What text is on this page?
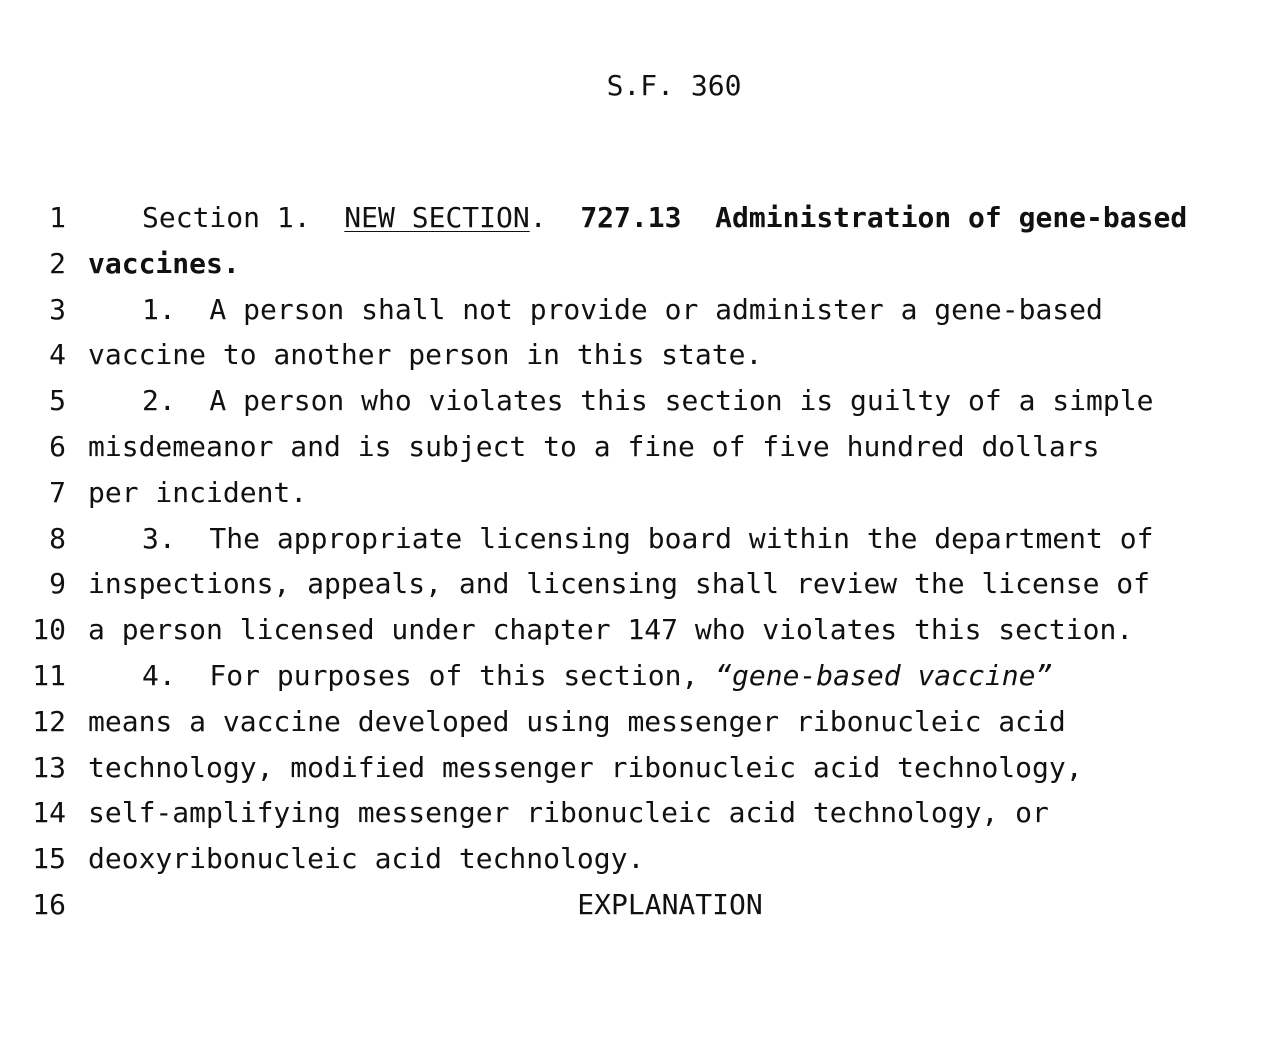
S.F. 360

1

	Section 1.  NEW SECTION.  727.13  Administration of gene-based

2

vaccines.

3

	1.  A person shall not provide or administer a gene-based

4

vaccine to another person in this state.

5

	2.  A person who violates this section is guilty of a simple

6

misdemeanor and is subject to a fine of five hundred dollars

7

per incident.

8

	3.  The appropriate licensing board within the department of

9

inspections, appeals, and licensing shall review the license of

10

a person licensed under chapter 147 who violates this section.

11

	4.  For purposes of this section, “gene-based vaccine”

12

means a vaccine developed using messenger ribonucleic acid

13

technology, modified messenger ribonucleic acid technology,

14

self-amplifying messenger ribonucleic acid technology, or

15

deoxyribonucleic acid technology.

16

	EXPLANATION
